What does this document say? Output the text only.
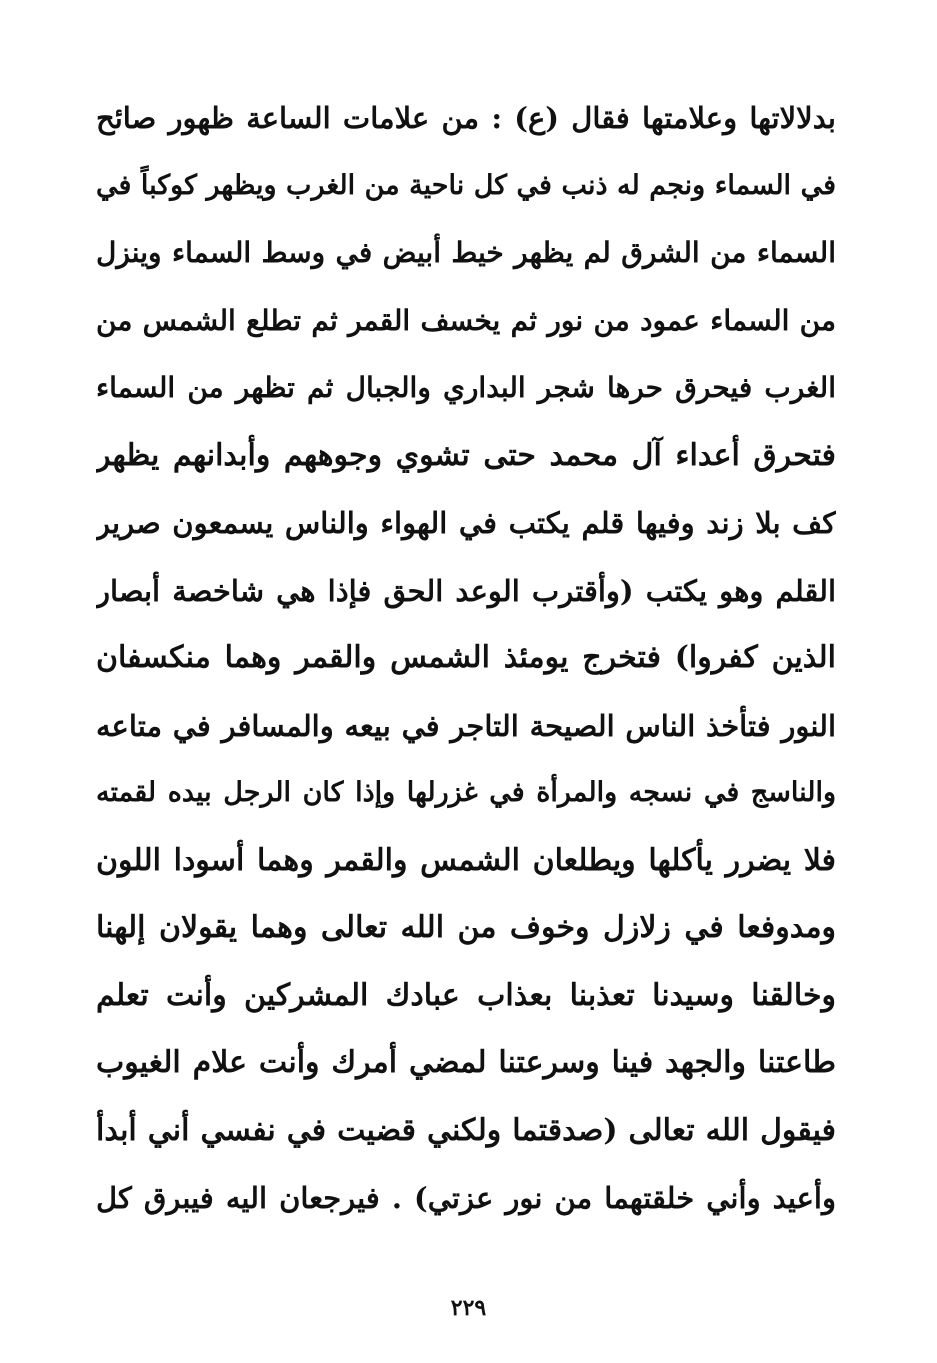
بدلالاتها وعلامتها فقال (ع) : من علامات الساعة ظهور صائح
في السماء ونجم له ذنب في كل ناحية من الغرب ويظهر كوكباً في
السماء من الشرق لم يظهر خيط أبيض في وسط السماء وينزل
من السماء عمود من نور ثم يخسف القمر ثم تطلع الشمس من
الغرب فيحرق حرها شجر البداري والجبال ثم تظهر من السماء
فتحرق أعداء آل محمد حتى تشوي وجوههم وأبدانهم يظهر
كف بلا زند وفيها قلم يكتب في الهواء والناس يسمعون صرير
القلم وهو يكتب (وأقترب الوعد الحق فإذا هي شاخصة أبصار
الذين كفروا) فتخرج يومئذ الشمس والقمر وهما منكسفان
النور فتأخذ الناس الصيحة التاجر في بيعه والمسافر في متاعه
والناسج في نسجه والمرأة في غزرلها وإذا كان الرجل بيده لقمته
فلا يضرر يأكلها ويطلعان الشمس والقمر وهما أسودا اللون
ومدوفعا في زلازل وخوف من الله تعالى وهما يقولان إلهنا
وخالقنا وسيدنا تعذبنا بعذاب عبادك المشركين وأنت تعلم
طاعتنا والجهد فينا وسرعتنا لمضي أمرك وأنت علام الغيوب
فيقول الله تعالى (صدقتما ولكني قضيت في نفسي أني أبدأ
وأعيد وأني خلقتهما من نور عزتي) . فيرجعان اليه فيبرق كل
٢٢٩
